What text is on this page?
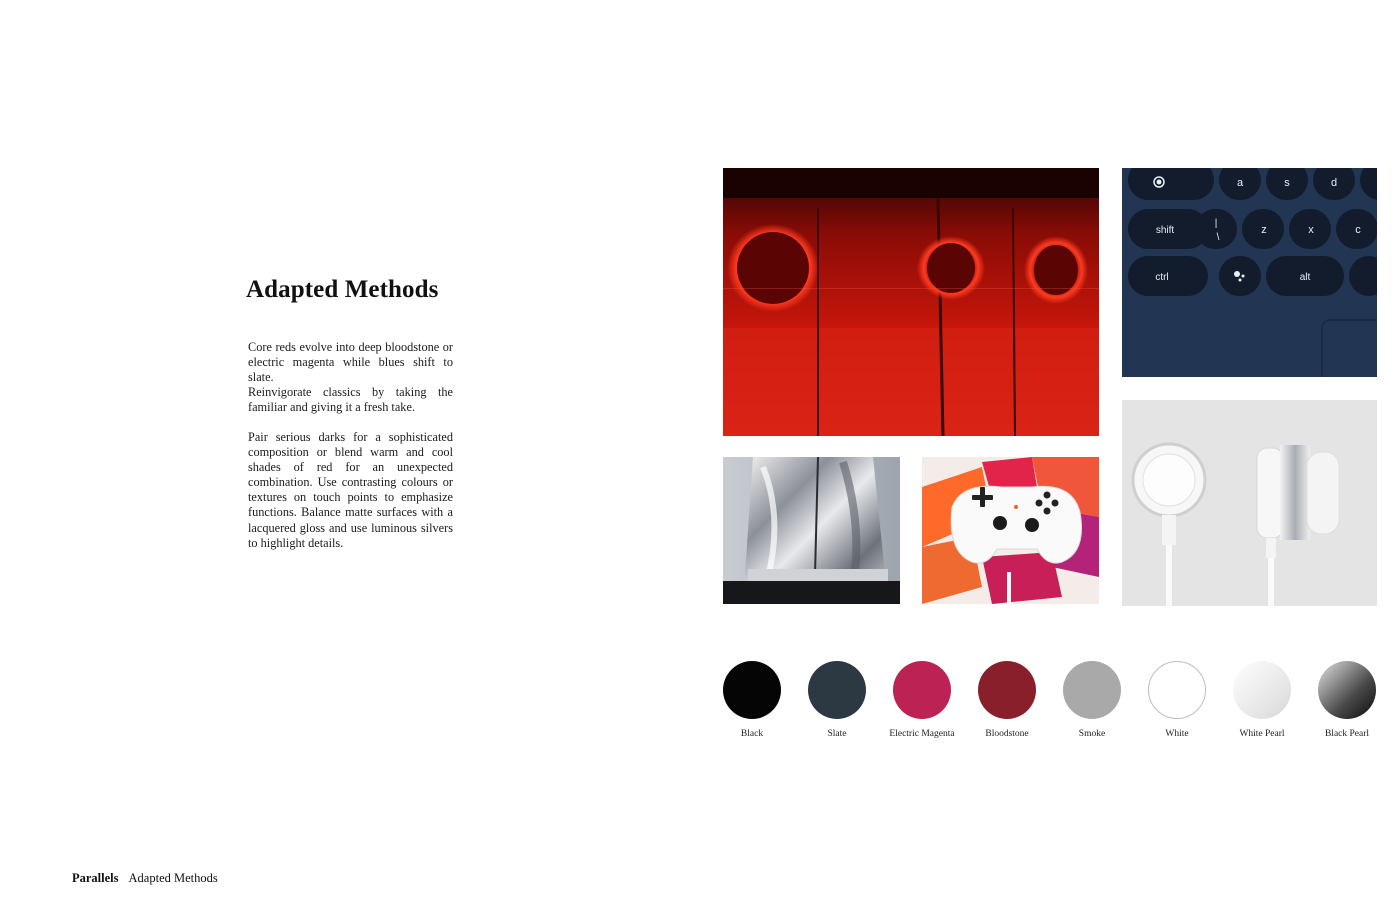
Adapted Methods
Core reds evolve into deep bloodstone or electric magenta while blues shift to slate.
Reinvigorate classics by taking the familiar and giving it a fresh take.
Pair serious darks for a sophisticated composition or blend warm and cool shades of red for an unexpected combination. Use contrasting colours or textures on touch points to emphasize functions. Balance matte surfaces with a lacquered gloss and use luminous silvers to highlight details.
a	s	d
shift
|
\
z	x	c
ctrl	alt
Black	Slate	Electric Magenta	Bloodstone	Smoke	White	White Pearl	Black Pearl
Parallels Adapted Methods
